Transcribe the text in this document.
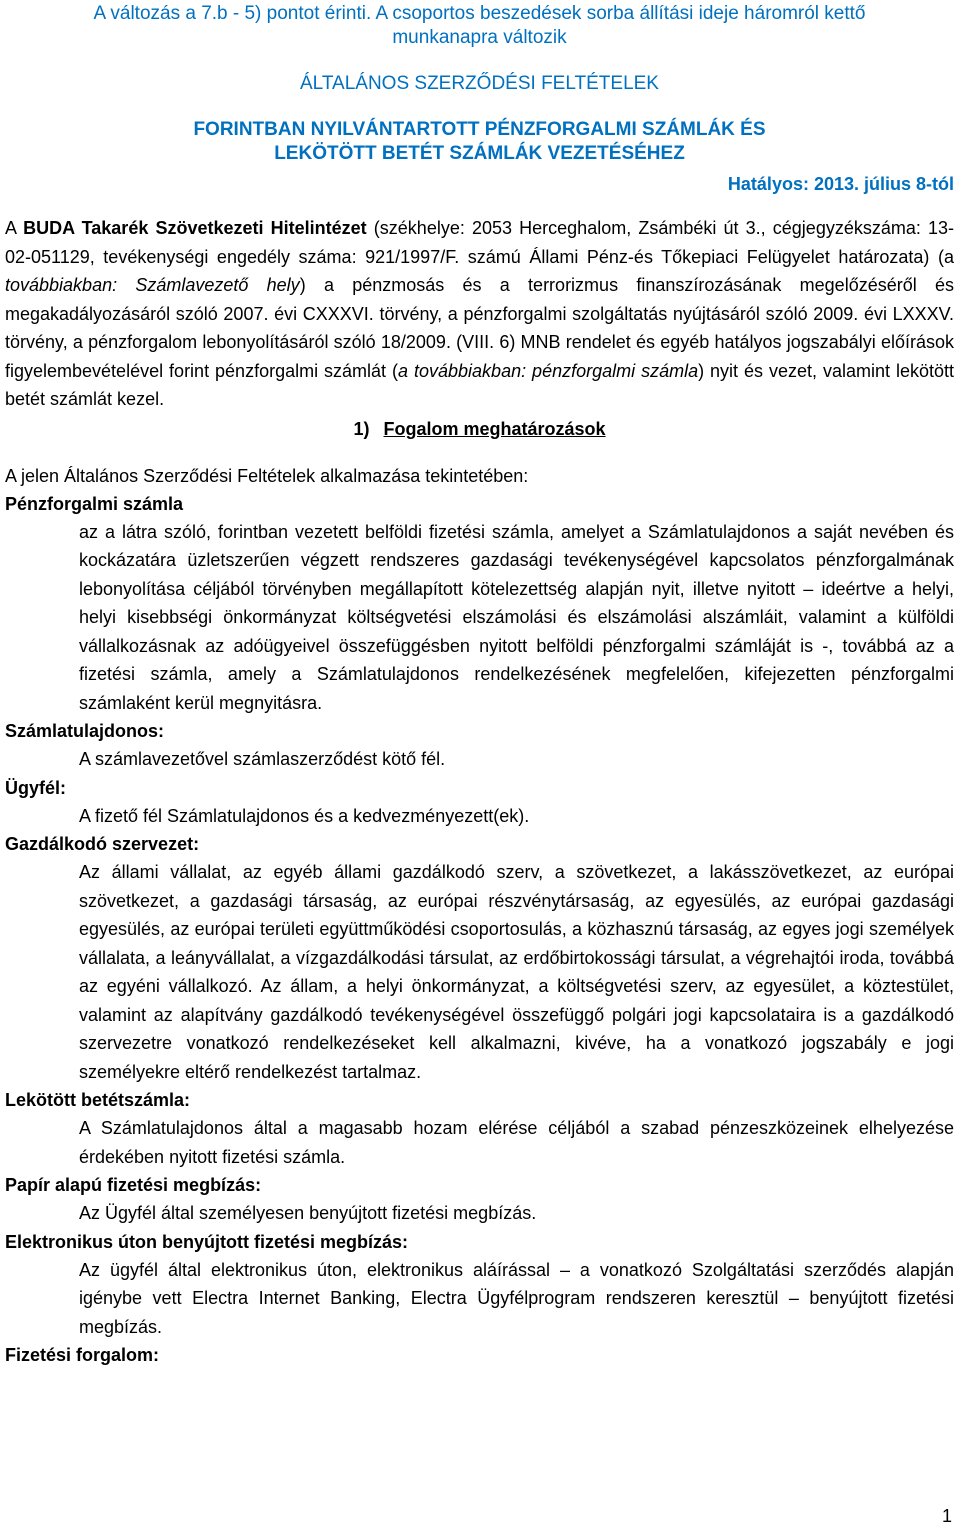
A változás a 7.b - 5) pontot érinti. A csoportos beszedések sorba állítási ideje háromról kettő
munkanapra változik
ÁLTALÁNOS SZERZŐDÉSI FELTÉTELEK
FORINTBAN NYILVÁNTARTOTT PÉNZFORGALMI SZÁMLÁK ÉS
LEKÖTÖTT BETÉT SZÁMLÁK VEZETÉSÉHEZ
Hatályos: 2013. július 8-tól

A BUDA Takarék Szövetkezeti Hitelintézet (székhelye: 2053 Herceghalom, Zsámbéki út 3., cégjegyzékszáma: 13-02-051129, tevékenységi engedély száma: 921/1997/F. számú Állami Pénz-és Tőkepiaci Felügyelet határozata) (a továbbiakban: Számlavezető hely) a pénzmosás és a terrorizmus finanszírozásának megelőzéséről és megakadályozásáról szóló 2007. évi CXXXVI. törvény, a pénzforgalmi szolgáltatás nyújtásáról szóló 2009. évi LXXXV. törvény, a pénzforgalom lebonyolításáról szóló 18/2009. (VIII. 6) MNB rendelet és egyéb hatályos jogszabályi előírások figyelembevételével forint pénzforgalmi számlát (a továbbiakban: pénzforgalmi számla) nyit és vezet, valamint lekötött betét számlát kezel.

1) Fogalom meghatározások

A jelen Általános Szerződési Feltételek alkalmazása tekintetében:

Pénzforgalmi számla

az a látra szóló, forintban vezetett belföldi fizetési számla, amelyet a Számlatulajdonos a saját nevében és kockázatára üzletszerűen végzett rendszeres gazdasági tevékenységével kapcsolatos pénzforgalmának lebonyolítása céljából törvényben megállapított kötelezettség alapján nyit, illetve nyitott – ideértve a helyi, helyi kisebbségi önkormányzat költségvetési elszámolási és elszámolási alszámláit, valamint a külföldi vállalkozásnak az adóügyeivel összefüggésben nyitott belföldi pénzforgalmi számláját is -, továbbá az a fizetési számla, amely a Számlatulajdonos rendelkezésének megfelelően, kifejezetten pénzforgalmi számlaként kerül megnyitásra.

Számlatulajdonos:

A számlavezetővel számlaszerződést kötő fél.

Ügyfél:

A fizető fél Számlatulajdonos és a kedvezményezett(ek).

Gazdálkodó szervezet:

Az állami vállalat, az egyéb állami gazdálkodó szerv, a szövetkezet, a lakásszövetkezet, az európai szövetkezet, a gazdasági társaság, az európai részvénytársaság, az egyesülés, az európai gazdasági egyesülés, az európai területi együttműködési csoportosulás, a közhasznú társaság, az egyes jogi személyek vállalata, a leányvállalat, a vízgazdálkodási társulat, az erdőbirtokossági társulat, a végrehajtói iroda, továbbá az egyéni vállalkozó. Az állam, a helyi önkormányzat, a költségvetési szerv, az egyesület, a köztestület, valamint az alapítvány gazdálkodó tevékenységével összefüggő polgári jogi kapcsolataira is a gazdálkodó szervezetre vonatkozó rendelkezéseket kell alkalmazni, kivéve, ha a vonatkozó jogszabály e jogi személyekre eltérő rendelkezést tartalmaz.

Lekötött betétszámla:

A Számlatulajdonos által a magasabb hozam elérése céljából a szabad pénzeszközeinek elhelyezése érdekében nyitott fizetési számla.

Papír alapú fizetési megbízás:

Az Ügyfél által személyesen benyújtott fizetési megbízás.

Elektronikus úton benyújtott fizetési megbízás:

Az ügyfél által elektronikus úton, elektronikus aláírással – a vonatkozó Szolgáltatási szerződés alapján igénybe vett Electra Internet Banking, Electra Ügyfélprogram rendszeren keresztül – benyújtott fizetési megbízás.

Fizetési forgalom:

1
